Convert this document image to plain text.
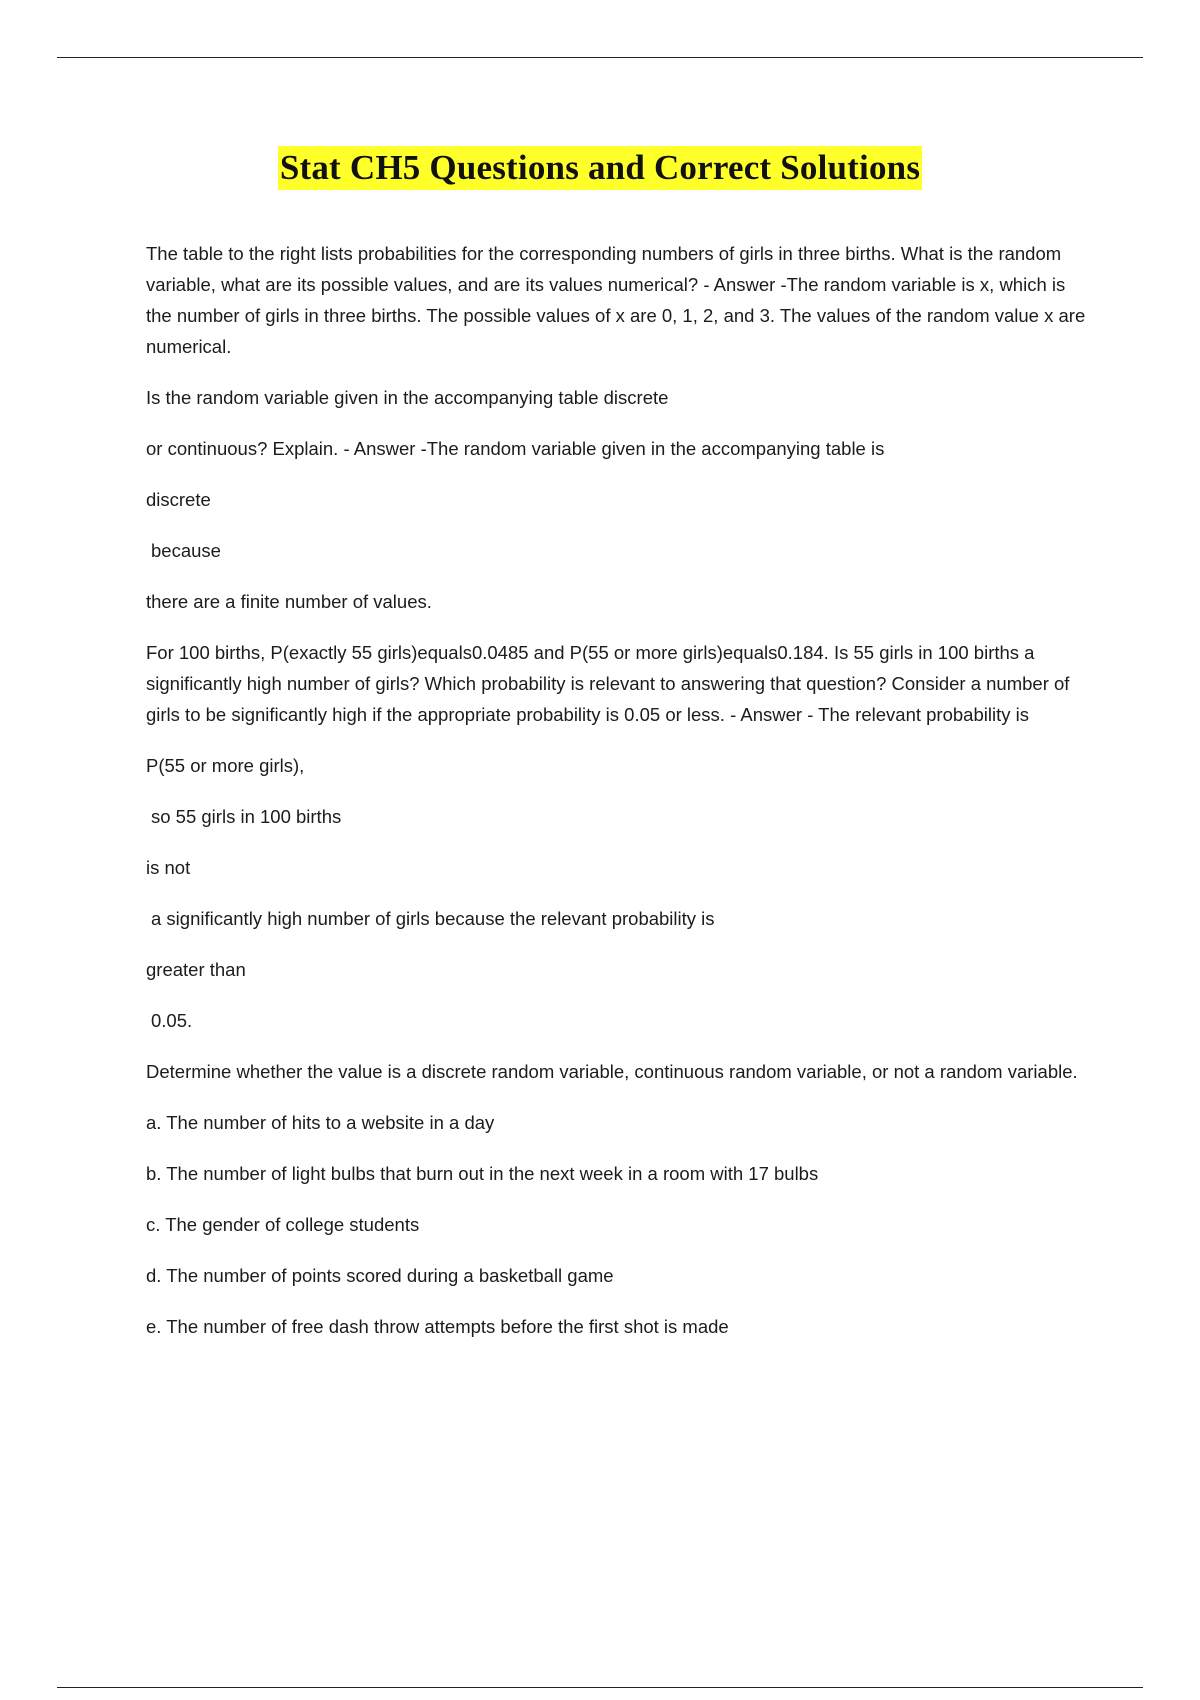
Stat CH5 Questions and Correct Solutions

The table to the right lists probabilities for the corresponding numbers of girls in three births. What is the random variable, what are its possible values, and are its values numerical? - Answer -The random variable is x, which is the number of girls in three births. The possible values of x are 0, 1, 2, and 3. The values of the random value x are numerical.

Is the random variable given in the accompanying table discrete

or continuous? Explain. - Answer -The random variable given in the accompanying table is

discrete

because

there are a finite number of values.

For 100 births, P(exactly 55 girls)equals0.0485 and P(55 or more girls)equals0.184. Is 55 girls in 100 births a significantly high number of girls? Which probability is relevant to answering that question? Consider a number of girls to be significantly high if the appropriate probability is 0.05 or less. - Answer - The relevant probability is

P(55 or more girls),

so 55 girls in 100 births

is not

a significantly high number of girls because the relevant probability is

greater than

0.05.

Determine whether the value is a discrete random variable, continuous random variable, or not a random variable.

a. The number of hits to a website in a day

b. The number of light bulbs that burn out in the next week in a room with 17 bulbs

c. The gender of college students

d. The number of points scored during a basketball game

e. The number of free dash throw attempts before the first shot is made
